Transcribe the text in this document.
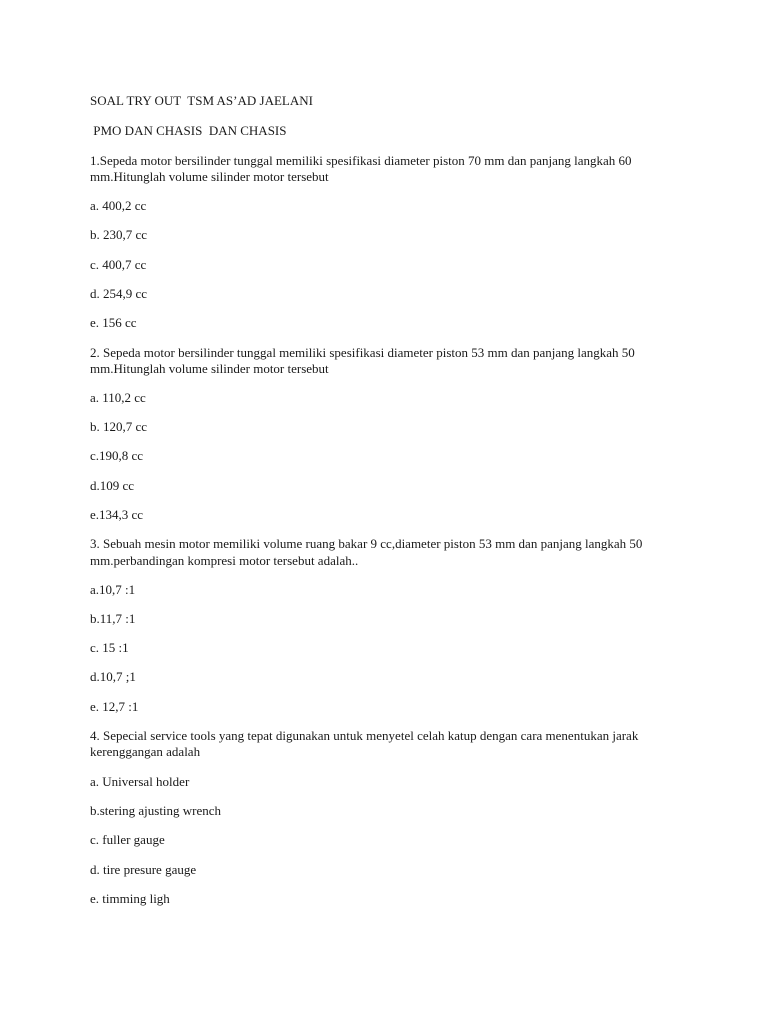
SOAL TRY OUT  TSM AS’AD JAELANI
PMO DAN CHASIS  DAN CHASIS
1.Sepeda motor bersilinder tunggal memiliki spesifikasi diameter piston 70 mm dan panjang langkah 60
mm.Hitunglah volume silinder motor tersebut
a. 400,2 cc
b. 230,7 cc
c. 400,7 cc
d. 254,9 cc
e. 156 cc
2. Sepeda motor bersilinder tunggal memiliki spesifikasi diameter piston 53 mm dan panjang langkah 50
mm.Hitunglah volume silinder motor tersebut
a. 110,2 cc
b. 120,7 cc
c.190,8 cc
d.109 cc
e.134,3 cc
3. Sebuah mesin motor memiliki volume ruang bakar 9 cc,diameter piston 53 mm dan panjang langkah 50
mm.perbandingan kompresi motor tersebut adalah..
a.10,7 :1
b.11,7 :1
c. 15 :1
d.10,7 ;1
e. 12,7 :1
4. Sepecial service tools yang tepat digunakan untuk menyetel celah katup dengan cara menentukan jarak
kerenggangan adalah
a. Universal holder
b.stering ajusting wrench
c. fuller gauge
d. tire presure gauge
e. timming ligh
